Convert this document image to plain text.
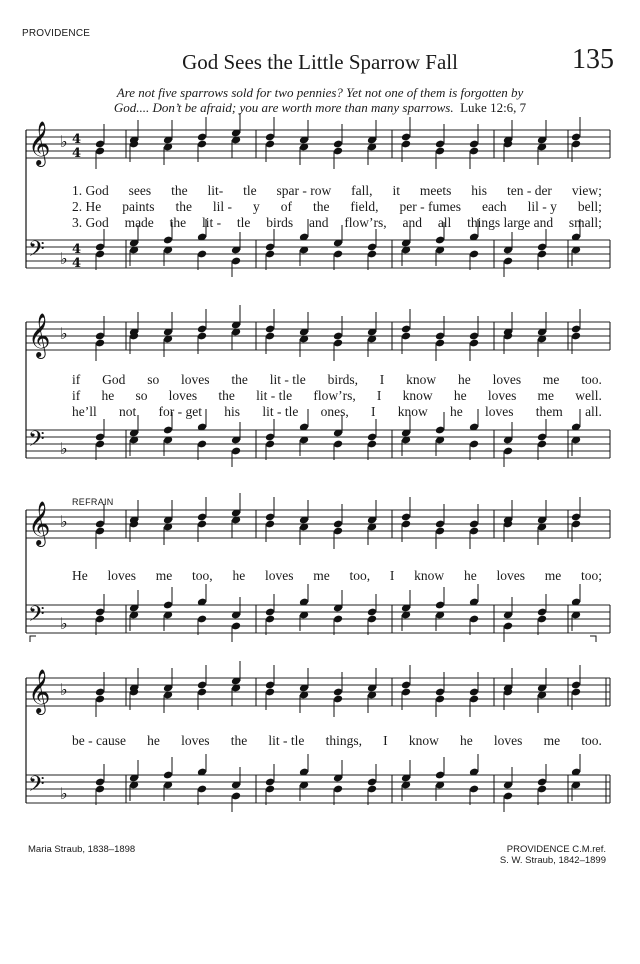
PROVIDENCE
God Sees the Little Sparrow Fall	135
Are not five sparrows sold for two pennies? Yet not one of them is forgotten by
God.... Don’t be afraid; you are worth more than many sparrows. Luke 12:6, 7
REFRAIN
𝄞 ♭ 4
4
𝄢 ♭ 4
4
1. God sees the lit- tle spar - row fall, it meets his ten - der view;
2. He paints the lil - y of the field, per - fumes each lil - y bell;
3. God made the lit - tle birds and flow’rs, and all things large and small;
𝄞 ♭
𝄢 ♭
if God so loves the lit - tle birds, I know he loves me too.
if he so loves the lit - tle flow’rs, I know he loves me well.
he’ll not for - get his lit - tle ones, I know he loves them all.
𝄞 ♭
𝄢 ♭
He loves me too, he loves me too, I know he loves me too;
𝄞 ♭
𝄢 ♭
be - cause he loves the lit - tle things, I know he loves me too.
Maria Straub, 1838–1898	PROVIDENCE C.M.ref.
S. W. Straub, 1842–1899
